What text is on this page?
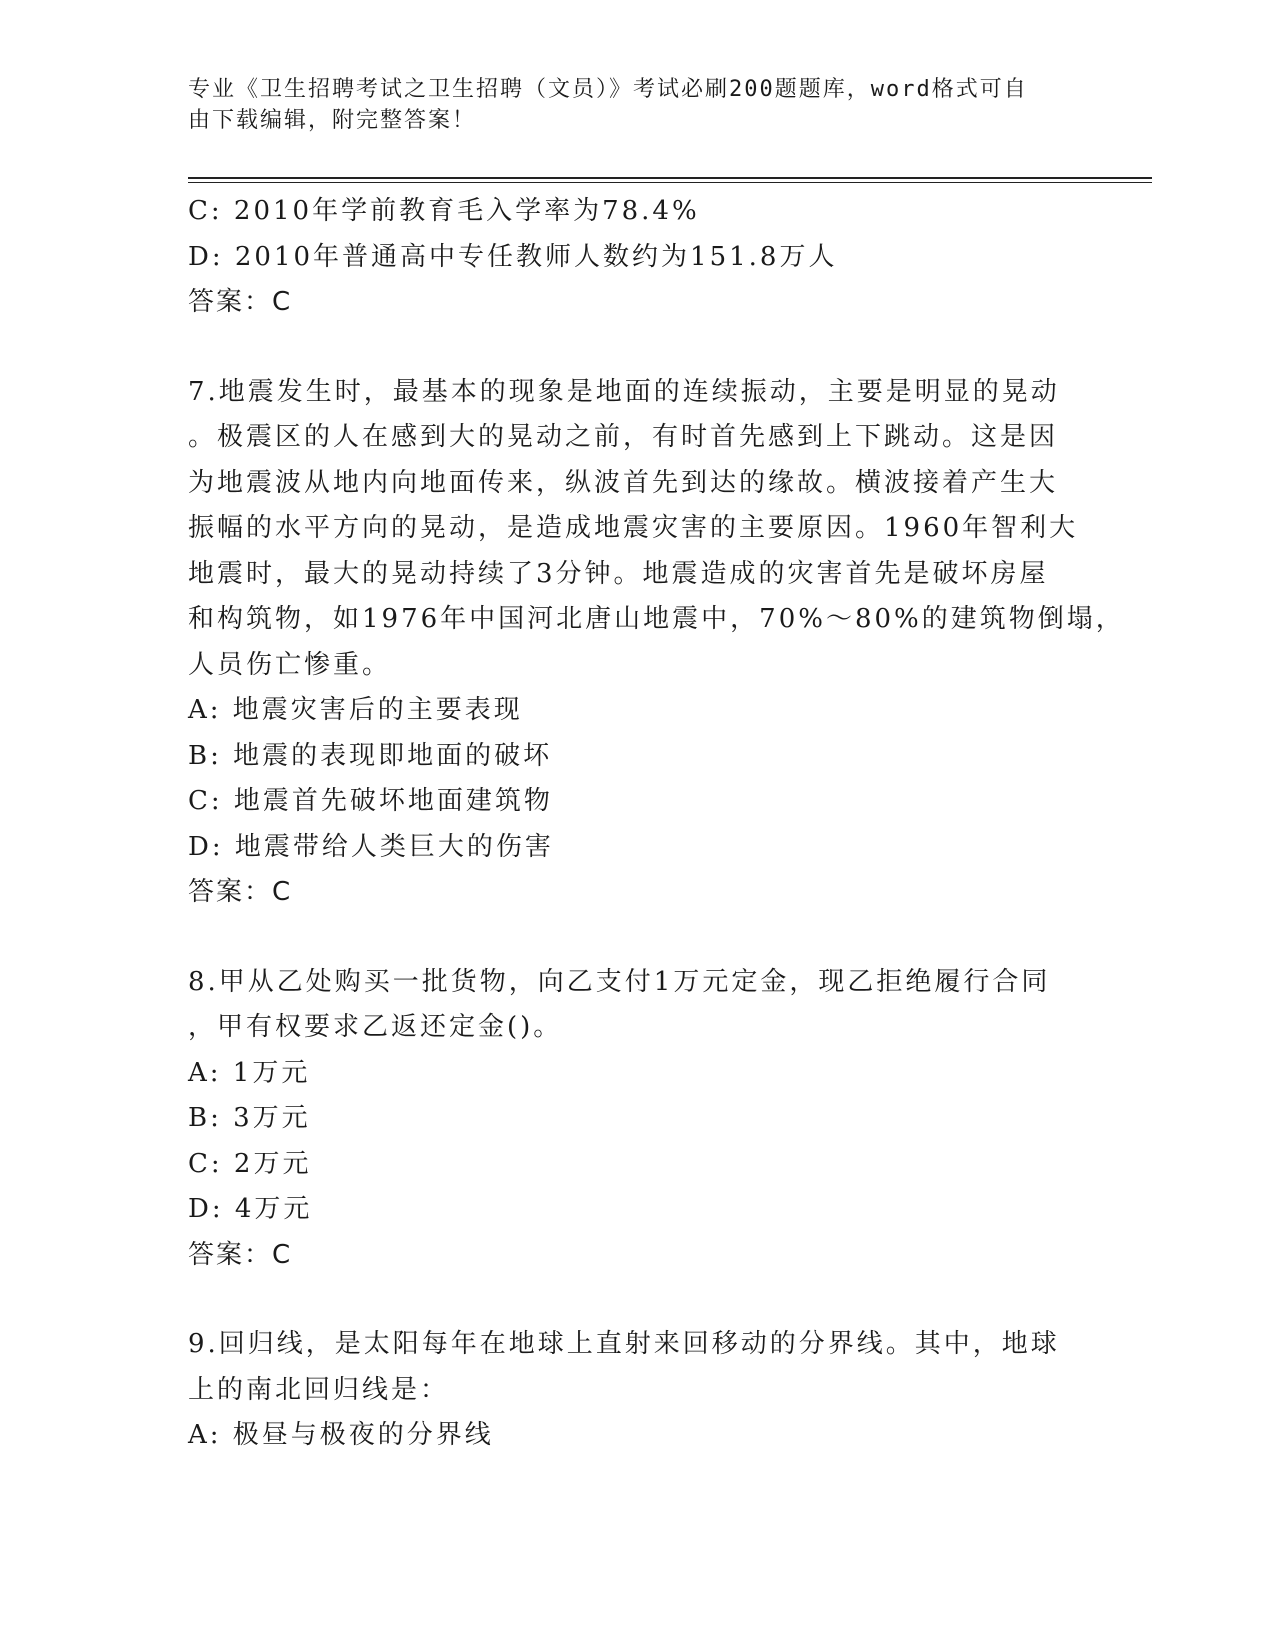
专业《卫生招聘考试之卫生招聘（文员）》考试必刷200题题库，word格式可自
由下载编辑，附完整答案！
C: 2010年学前教育毛入学率为78.4%
D: 2010年普通高中专任教师人数约为151.8万人
答案：C
7.地震发生时，最基本的现象是地面的连续振动，主要是明显的晃动
。极震区的人在感到大的晃动之前，有时首先感到上下跳动。这是因
为地震波从地内向地面传来，纵波首先到达的缘故。横波接着产生大
振幅的水平方向的晃动，是造成地震灾害的主要原因。1960年智利大
地震时，最大的晃动持续了3分钟。地震造成的灾害首先是破坏房屋
和构筑物，如1976年中国河北唐山地震中，70%～80%的建筑物倒塌，
人员伤亡惨重。
A: 地震灾害后的主要表现
B: 地震的表现即地面的破坏
C: 地震首先破坏地面建筑物
D: 地震带给人类巨大的伤害
答案：C
8.甲从乙处购买一批货物，向乙支付1万元定金，现乙拒绝履行合同
，甲有权要求乙返还定金()。
A: 1万元
B: 3万元
C: 2万元
D: 4万元
答案：C
9.回归线，是太阳每年在地球上直射来回移动的分界线。其中，地球
上的南北回归线是：
A: 极昼与极夜的分界线
